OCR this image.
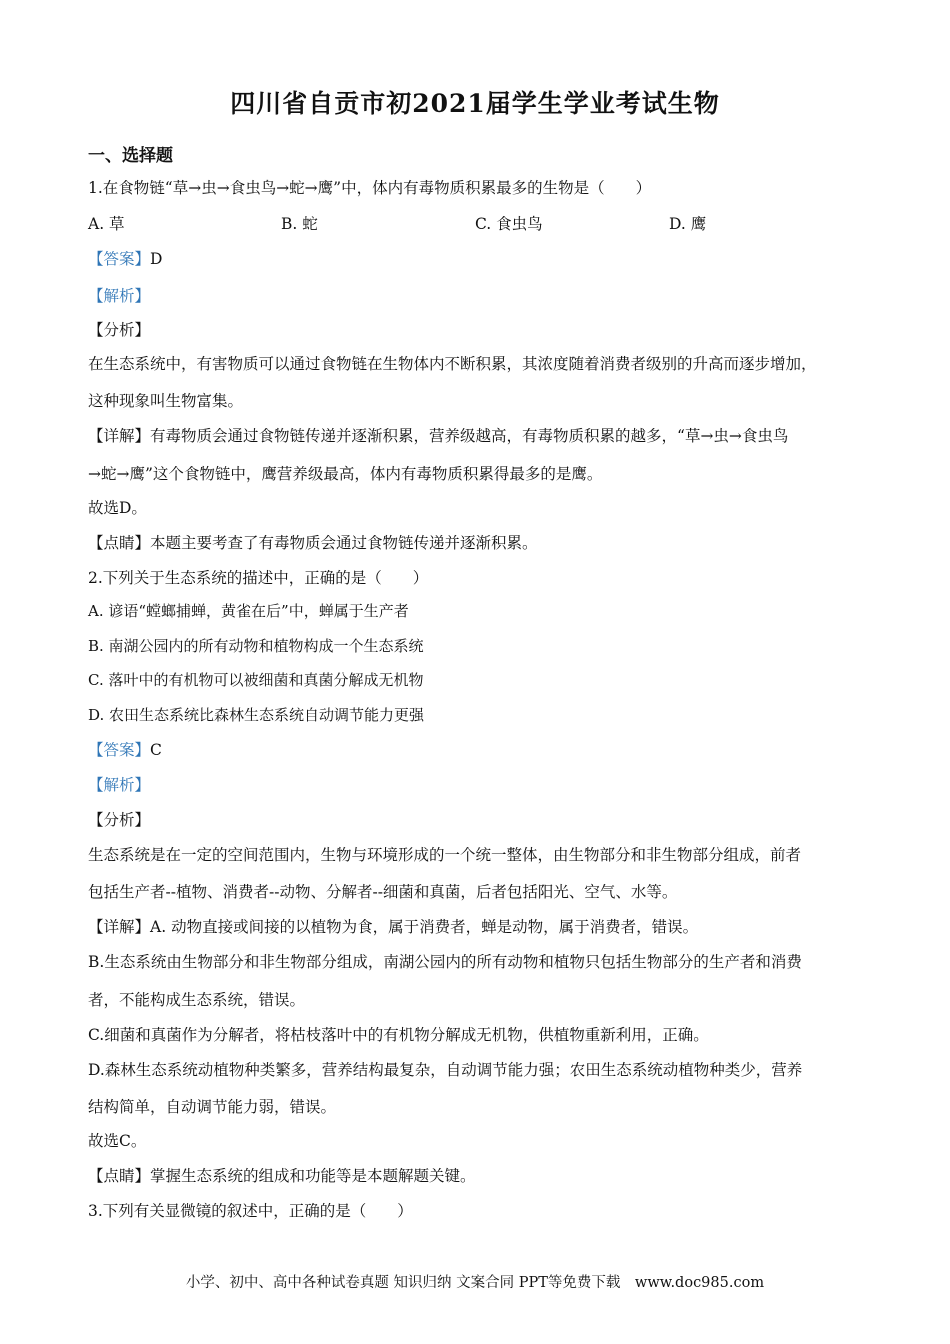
四川省自贡市初2021届学生学业考试生物
一、选择题
1.在食物链“草→虫→食虫鸟→蛇→鹰”中，体内有毒物质积累最多的生物是（　　）
A. 草	B. 蛇	C. 食虫鸟	D. 鹰
【答案】D
【解析】
【分析】
在生态系统中，有害物质可以通过食物链在生物体内不断积累，其浓度随着消费者级别的升高而逐步增加，
这种现象叫生物富集。
【详解】有毒物质会通过食物链传递并逐渐积累，营养级越高，有毒物质积累的越多，“草→虫→食虫鸟
→蛇→鹰”这个食物链中，鹰营养级最高，体内有毒物质积累得最多的是鹰。
故选D。
【点睛】本题主要考查了有毒物质会通过食物链传递并逐渐积累。
2.下列关于生态系统的描述中，正确的是（　　）
A. 谚语“螳螂捕蝉，黄雀在后”中，蝉属于生产者
B. 南湖公园内的所有动物和植物构成一个生态系统
C. 落叶中的有机物可以被细菌和真菌分解成无机物
D. 农田生态系统比森林生态系统自动调节能力更强
【答案】C
【解析】
【分析】
生态系统是在一定的空间范围内，生物与环境形成的一个统一整体，由生物部分和非生物部分组成，前者
包括生产者--植物、消费者--动物、分解者--细菌和真菌，后者包括阳光、空气、水等。
【详解】A. 动物直接或间接的以植物为食，属于消费者，蝉是动物，属于消费者，错误。
B.生态系统由生物部分和非生物部分组成，南湖公园内的所有动物和植物只包括生物部分的生产者和消费
者，不能构成生态系统，错误。
C.细菌和真菌作为分解者，将枯枝落叶中的有机物分解成无机物，供植物重新利用，正确。
D.森林生态系统动植物种类繁多，营养结构最复杂，自动调节能力强；农田生态系统动植物种类少，营养
结构简单，自动调节能力弱，错误。
故选C。
【点睛】掌握生态系统的组成和功能等是本题解题关键。
3.下列有关显微镜的叙述中，正确的是（　　）
小学、初中、高中各种试卷真题 知识归纳 文案合同 PPT等免费下载　www.doc985.com
